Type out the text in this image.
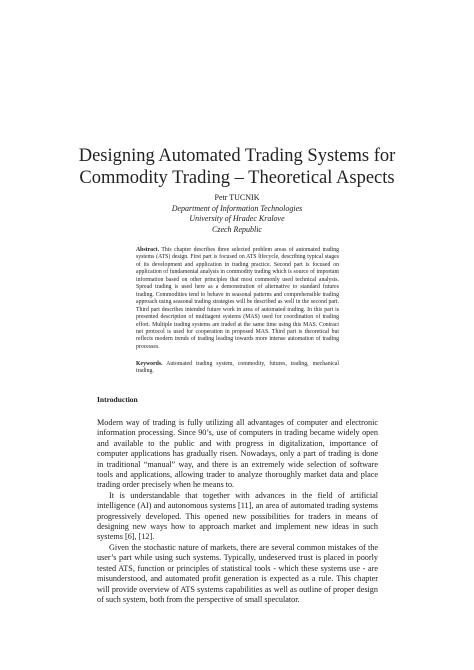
Designing Automated Trading Systems for
Commodity Trading – Theoretical Aspects
Petr TUCNIK
Department of Information Technologies
University of Hradec Kralove
Czech Republic
Abstract. This chapter describes three selected problem areas of automated trading systems (ATS) design. First part is focused on ATS lifecycle, describing typical stages of its development and application in trading practice. Second part is focused on application of fundamental analysis in commodity trading which is source of important information based on other principles that most commonly used technical analysis. Spread trading is used here as a demonstration of alternative to standard futures trading. Commodities tend to behave in seasonal patterns and comprehensible trading approach using seasonal trading strategies will be described as well in the second part. Third part describes intended future work in area of automated trading. In this part is presented description of multiagent systems (MAS) used for coordination of trading effort. Multiple trading systems are traded at the same time using this MAS. Contract net protocol is used for cooperation in proposed MAS. Third part is theoretical but reflects modern trends of trading leading towards more intense automation of trading processes.
Keywords. Automated trading system, commodity, futures, trading, mechanical trading.
Introduction

Modern way of trading is fully utilizing all advantages of computer and electronic information processing. Since 90’s, use of computers in trading became widely open and available to the public and with progress in digitalization, importance of computer applications has gradually risen. Nowadays, only a part of trading is done in traditional “manual” way, and there is an extremely wide selection of software tools and applications, allowing trader to analyze thoroughly market data and place trading order precisely when he means to.

It is understandable that together with advances in the field of artificial intelligence (AI) and autonomous systems [11], an area of automated trading systems progressively developed. This opened new possibilities for traders in means of designing new ways how to approach market and implement new ideas in such systems [6], [12].

Given the stochastic nature of markets, there are several common mistakes of the user’s part while using such systems. Typically, undeserved trust is placed in poorly tested ATS, function or principles of statistical tools - which these systems use - are misunderstood, and automated profit generation is expected as a rule. This chapter will provide overview of ATS systems capabilities as well as outline of proper design of such system, both from the perspective of small speculator.
